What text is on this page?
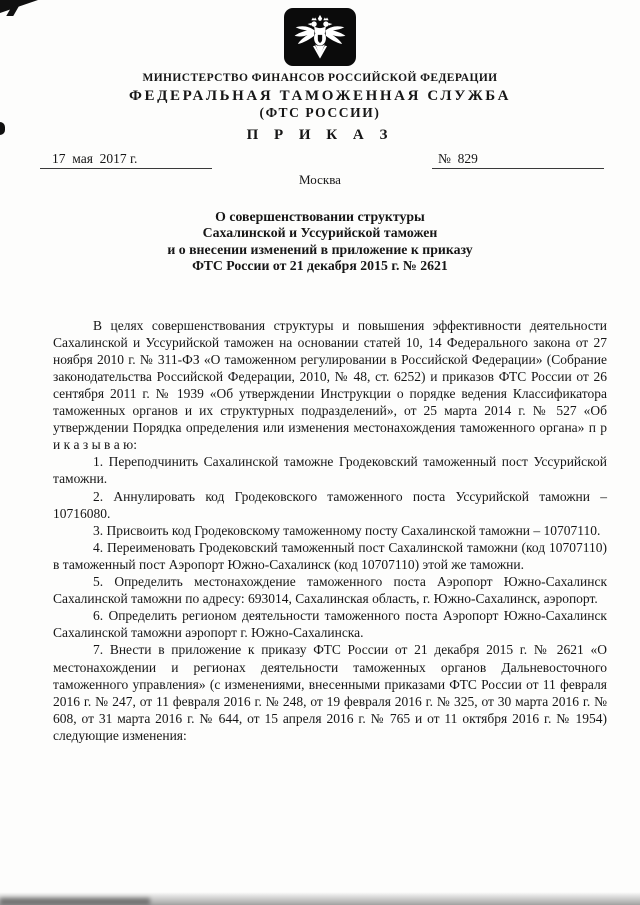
МИНИСТЕРСТВО ФИНАНСОВ РОССИЙСКОЙ ФЕДЕРАЦИИ
ФЕДЕРАЛЬНАЯ ТАМОЖЕННАЯ СЛУЖБА
(ФТС РОССИИ)
П Р И К А З
17  мая  2017 г.	№  829
Москва
О совершенствовании структуры
Сахалинской и Уссурийской таможен
и о внесении изменений в приложение к приказу
ФТС России от 21 декабря 2015 г. № 2621

В целях совершенствования структуры и повышения эффективности деятельности Сахалинской и Уссурийской таможен на основании статей 10, 14 Федерального закона от 27 ноября 2010 г. № 311-ФЗ «О таможенном регулировании в Российской Федерации» (Собрание законодательства Российской Федерации, 2010, № 48, ст. 6252) и приказов ФТС России от 26 сентября 2011 г. № 1939 «Об утверждении Инструкции о порядке ведения Классификатора таможенных органов и их структурных подразделений», от 25 марта 2014 г. № 527 «Об утверждении Порядка определения или изменения местонахождения таможенного органа» п р и к а з ы в а ю:

1. Переподчинить Сахалинской таможне Гродековский таможенный пост Уссурийской таможни.

2. Аннулировать код Гродековского таможенного поста Уссурийской таможни – 10716080.

3. Присвоить код Гродековскому таможенному посту Сахалинской таможни – 10707110.

4. Переименовать Гродековский таможенный пост Сахалинской таможни (код 10707110) в таможенный пост Аэропорт Южно-Сахалинск (код 10707110) этой же таможни.

5. Определить местонахождение таможенного поста Аэропорт Южно-Сахалинск Сахалинской таможни по адресу: 693014, Сахалинская область, г. Южно-Сахалинск, аэропорт.

6. Определить регионом деятельности таможенного поста Аэропорт Южно-Сахалинск Сахалинской таможни аэропорт г. Южно-Сахалинска.

7. Внести в приложение к приказу ФТС России от 21 декабря 2015 г. № 2621 «О местонахождении и регионах деятельности таможенных органов Дальневосточного таможенного управления» (с изменениями, внесенными приказами ФТС России от 11 февраля 2016 г. № 247, от 11 февраля 2016 г. № 248, от 19 февраля 2016 г. № 325, от 30 марта 2016 г. № 608, от 31 марта 2016 г. № 644, от 15 апреля 2016 г. № 765 и от 11 октября 2016 г. № 1954) следующие изменения:
